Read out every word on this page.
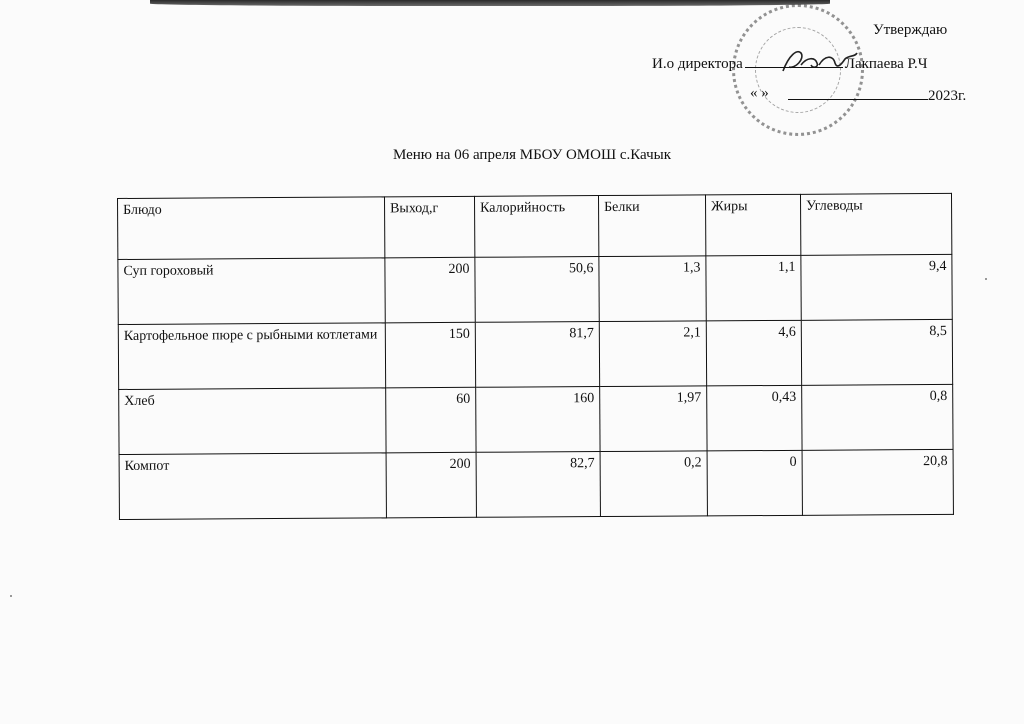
Утверждаю
И.о директора	Лакпаева Р.Ч
« »	2023г.
Меню на 06 апреля МБОУ ОМОШ с.Качык
Блюдо	Выход,г	Калорийность	Белки	Жиры	Углеводы
Суп гороховый	200	50,6	1,3	1,1	9,4
Картофельное пюре с рыбными котлетами	150	81,7	2,1	4,6	8,5
Хлеб	60	160	1,97	0,43	0,8
Компот	200	82,7	0,2	0	20,8
